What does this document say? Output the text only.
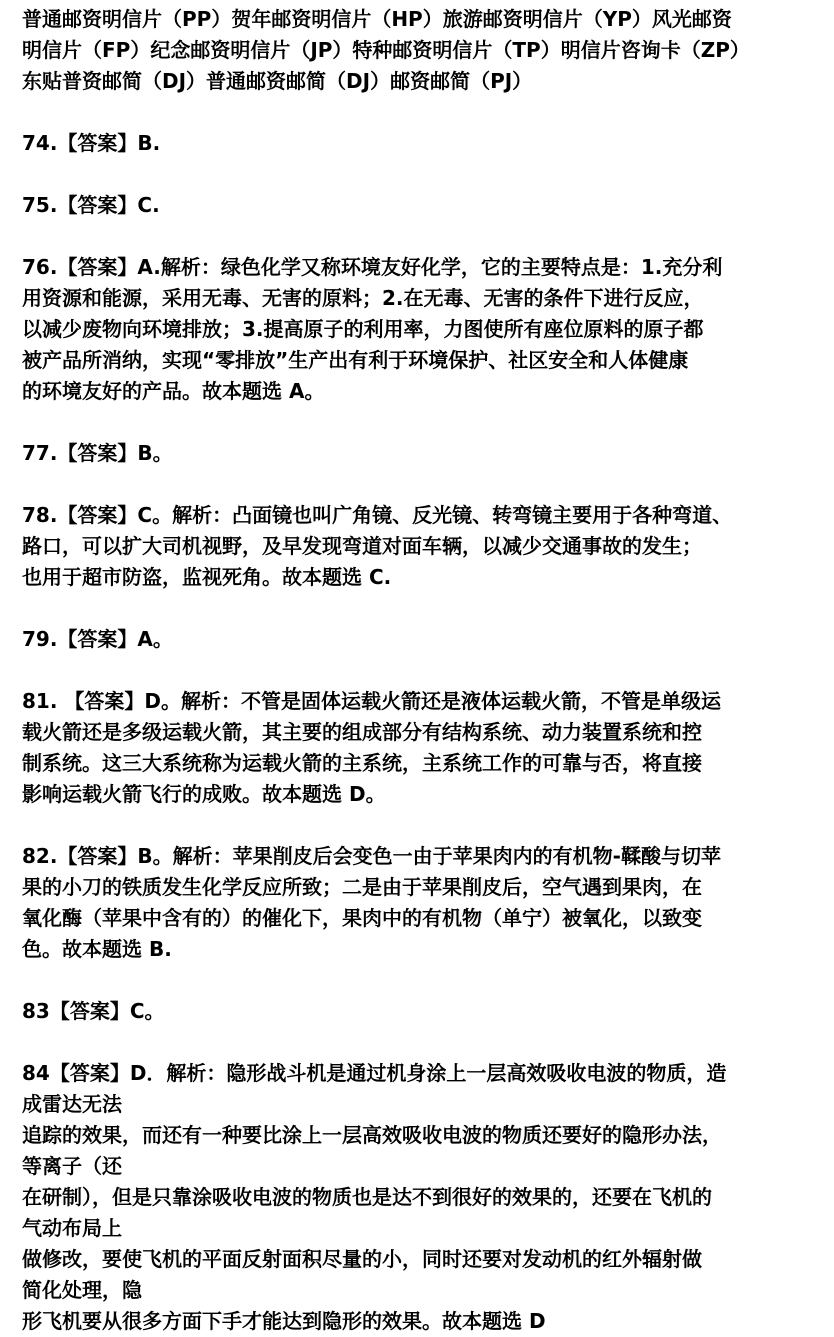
普通邮资明信片（PP）贺年邮资明信片（HP）旅游邮资明信片（YP）风光邮资
明信片（FP）纪念邮资明信片（JP）特种邮资明信片（TP）明信片咨询卡（ZP）
东贴普资邮简（DJ）普通邮资邮简（DJ）邮资邮简（PJ）
74.【答案】B.
75.【答案】C.
76.【答案】A.解析：绿色化学又称环境友好化学，它的主要特点是：1.充分利
用资源和能源，采用无毒、无害的原料；2.在无毒、无害的条件下进行反应，
以减少废物向环境排放；3.提高原子的利用率，力图使所有座位原料的原子都
被产品所消纳，实现“零排放”生产出有利于环境保护、社区安全和人体健康
的环境友好的产品。故本题选 A。
77.【答案】B。
78.【答案】C。解析：凸面镜也叫广角镜、反光镜、转弯镜主要用于各种弯道、
路口，可以扩大司机视野，及早发现弯道对面车辆，以减少交通事故的发生；
也用于超市防盗，监视死角。故本题选 C.
79.【答案】A。
81. 【答案】D。解析：不管是固体运载火箭还是液体运载火箭，不管是单级运
载火箭还是多级运载火箭，其主要的组成部分有结构系统、动力装置系统和控
制系统。这三大系统称为运载火箭的主系统，主系统工作的可靠与否，将直接
影响运载火箭飞行的成败。故本题选 D。
82.【答案】B。解析：苹果削皮后会变色一由于苹果肉内的有机物-鞣酸与切苹
果的小刀的铁质发生化学反应所致；二是由于苹果削皮后，空气遇到果肉，在
氧化酶（苹果中含有的）的催化下，果肉中的有机物（单宁）被氧化，以致变
色。故本题选 B.
83【答案】C。
84【答案】D．解析：隐形战斗机是通过机身涂上一层高效吸收电波的物质，造
成雷达无法
追踪的效果，而还有一种要比涂上一层高效吸收电波的物质还要好的隐形办法，
等离子（还
在研制），但是只靠涂吸收电波的物质也是达不到很好的效果的，还要在飞机的
气动布局上
做修改，要使飞机的平面反射面积尽量的小，同时还要对发动机的红外辐射做
简化处理，隐
形飞机要从很多方面下手才能达到隐形的效果。故本题选 D
